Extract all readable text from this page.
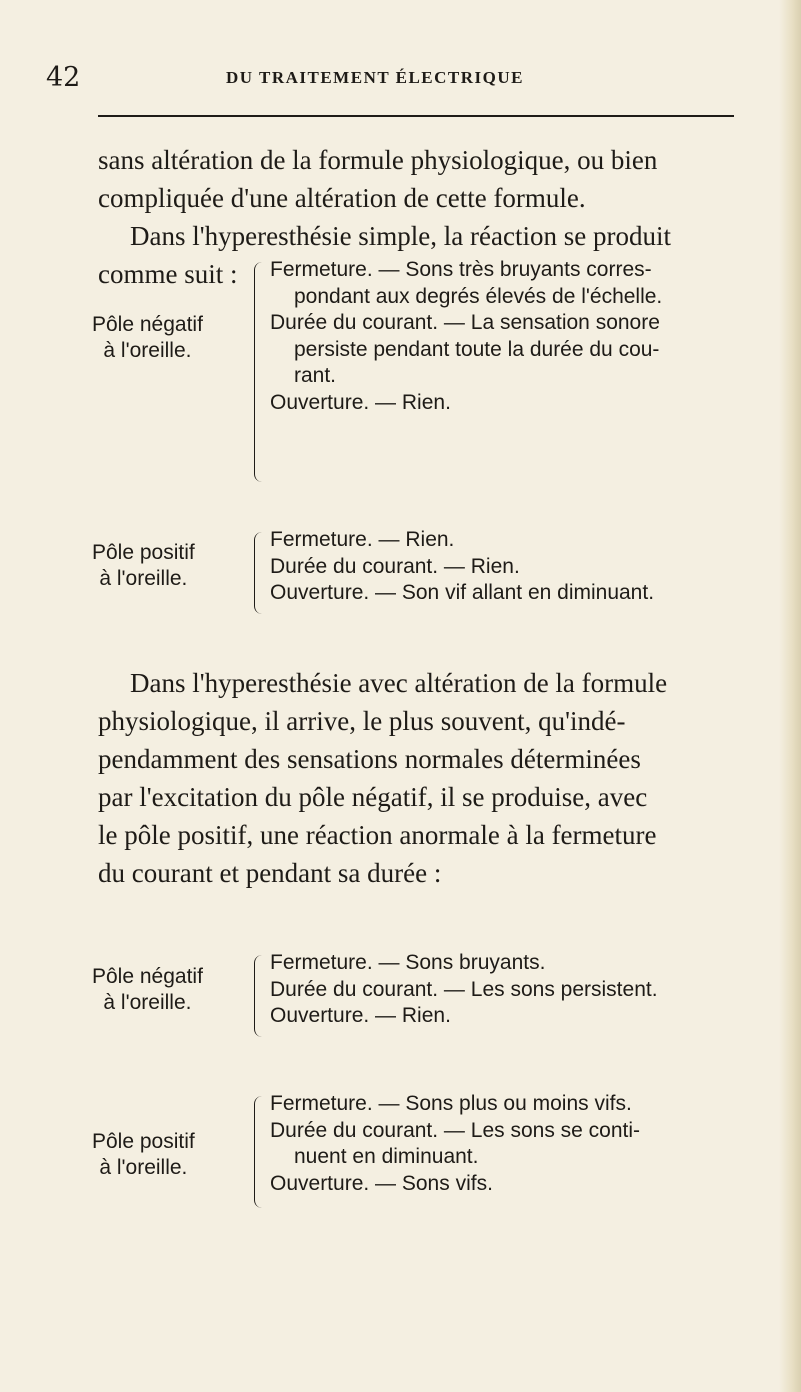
42	DU TRAITEMENT ÉLECTRIQUE
sans altération de la formule physiologique, ou bien
compliquée d'une altération de cette formule.
Dans l'hyperesthésie simple, la réaction se produit
comme suit :
Pôle négatif
à l'oreille.
Fermeture. — Sons très bruyants corres-
pondant aux degrés élevés de l'échelle.
Durée du courant. — La sensation sonore
persiste pendant toute la durée du cou-
rant.
Ouverture. — Rien.
Pôle positif
à l'oreille.
Fermeture. — Rien.
Durée du courant. — Rien.
Ouverture. — Son vif allant en diminuant.
Dans l'hyperesthésie avec altération de la formule
physiologique, il arrive, le plus souvent, qu'indé-
pendamment des sensations normales déterminées
par l'excitation du pôle négatif, il se produise, avec
le pôle positif, une réaction anormale à la fermeture
du courant et pendant sa durée :
Pôle négatif
à l'oreille.
Fermeture. — Sons bruyants.
Durée du courant. — Les sons persistent.
Ouverture. — Rien.
Pôle positif
à l'oreille.
Fermeture. — Sons plus ou moins vifs.
Durée du courant. — Les sons se conti-
nuent en diminuant.
Ouverture. — Sons vifs.
